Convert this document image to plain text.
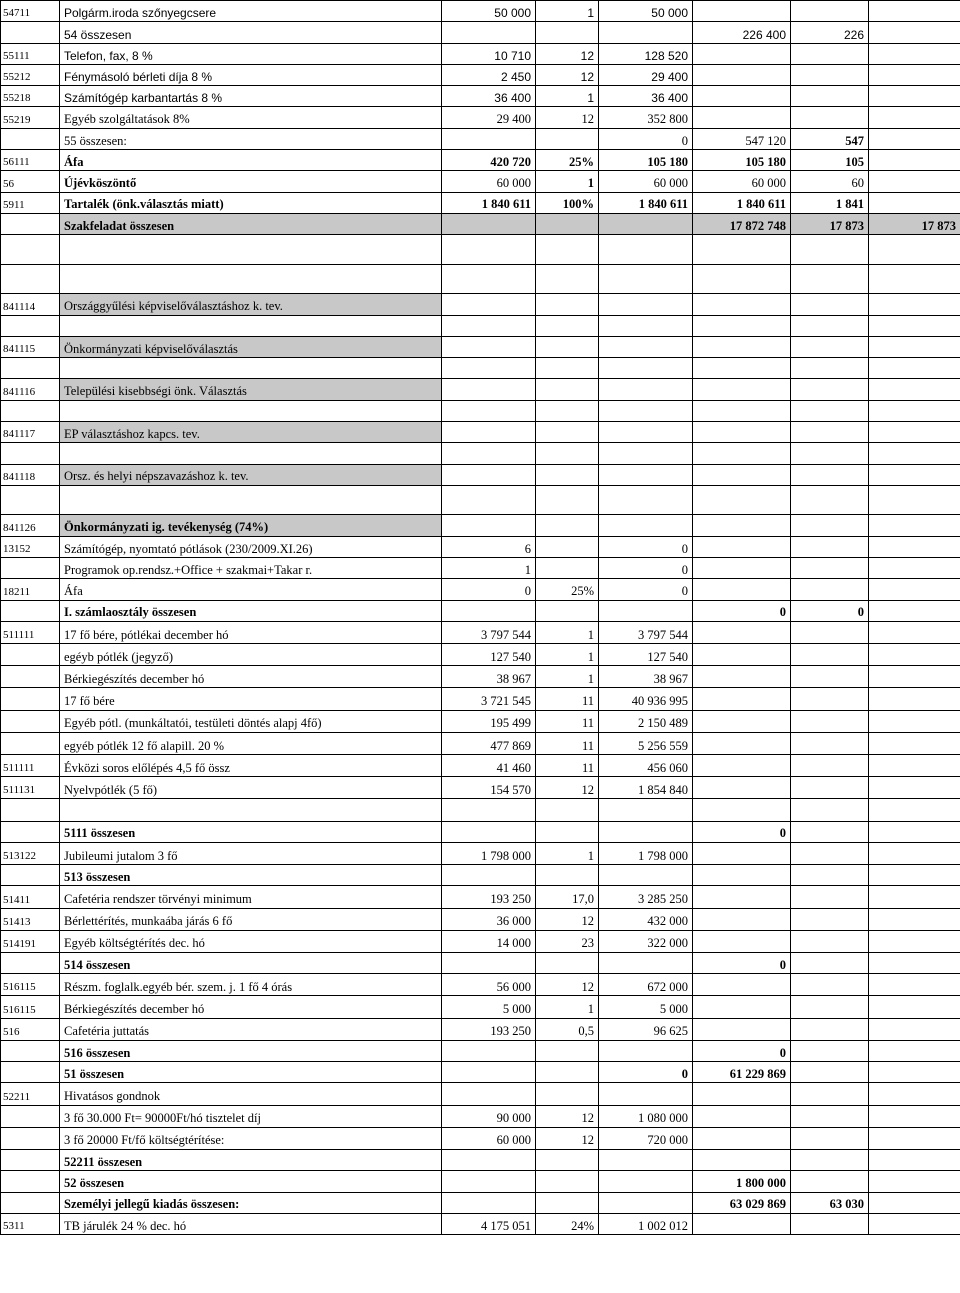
54711	Polgárm.iroda szőnyegcsere	50 000	1	50 000			
	54 összesen				226 400	226	
55111	Telefon, fax, 8 %	10 710	12	128 520			
55212	Fénymásoló bérleti díja 8 %	2 450	12	29 400			
55218	Számítógép karbantartás 8 %	36 400	1	36 400			
55219	Egyéb szolgáltatások 8%	29 400	12	352 800			
	55 összesen:			0	547 120	547	
56111	Áfa	420 720	25%	105 180	105 180	105	
56	Újévköszöntő	60 000	1	60 000	60 000	60	
5911	Tartalék (önk.választás miatt)	1 840 611	100%	1 840 611	1 840 611	1 841	
	Szakfeladat összesen				17 872 748	17 873	17 873

841114	Országgyűlési képviselőválasztáshoz k. tev.						

841115	Önkormányzati képviselőválasztás						

841116	Települési kisebbségi önk. Választás						

841117	EP választáshoz kapcs. tev.						

841118	Orsz. és helyi népszavazáshoz k. tev.						

841126	Önkormányzati ig. tevékenység (74%)						
13152	Számítógép, nyomtató pótlások (230/2009.XI.26)	6		0			
	Programok op.rendsz.+Office + szakmai+Takar r.	1		0			
18211	Áfa	0	25%	0			
	I. számlaosztály összesen				0	0	
511111	17 fő bére, pótlékai december hó	3 797 544	1	3 797 544			
	egéyb pótlék (jegyző)	127 540	1	127 540			
	Bérkiegészítés december hó	38 967	1	38 967			
	17 fő bére	3 721 545	11	40 936 995			
	Egyéb pótl. (munkáltatói, testületi döntés alapj 4fő)	195 499	11	2 150 489			
	egyéb pótlék 12 fő alapill. 20 %	477 869	11	5 256 559			
511111	Évközi soros előlépés 4,5 fő össz	41 460	11	456 060			
511131	Nyelvpótlék (5 fő)	154 570	12	1 854 840			

	5111 összesen				0		
513122	Jubileumi jutalom 3 fő	1 798 000	1	1 798 000			
	513 összesen						
51411	Cafetéria rendszer törvényi minimum	193 250	17,0	3 285 250			
51413	Bérlettérítés, munkaába járás 6 fő	36 000	12	432 000			
514191	Egyéb költségtérítés dec. hó	14 000	23	322 000			
	514 összesen				0		
516115	Részm. foglalk.egyéb bér. szem. j. 1 fő 4 órás	56 000	12	672 000			
516115	Bérkiegészítés december hó	5 000	1	5 000			
516	Cafetéria juttatás	193 250	0,5	96 625			
	516 összesen				0		
	51 összesen			0	61 229 869		
52211	Hivatásos gondnok						
	3 fő 30.000 Ft= 90000Ft/hó tisztelet díj	90 000	12	1 080 000			
	3 fő 20000 Ft/fő költségtérítése:	60 000	12	720 000			
	52211 összesen						
	52 összesen				1 800 000		
	Személyi jellegű kiadás összesen:				63 029 869	63 030	
5311	TB járulék 24 % dec. hó	4 175 051	24%	1 002 012			
